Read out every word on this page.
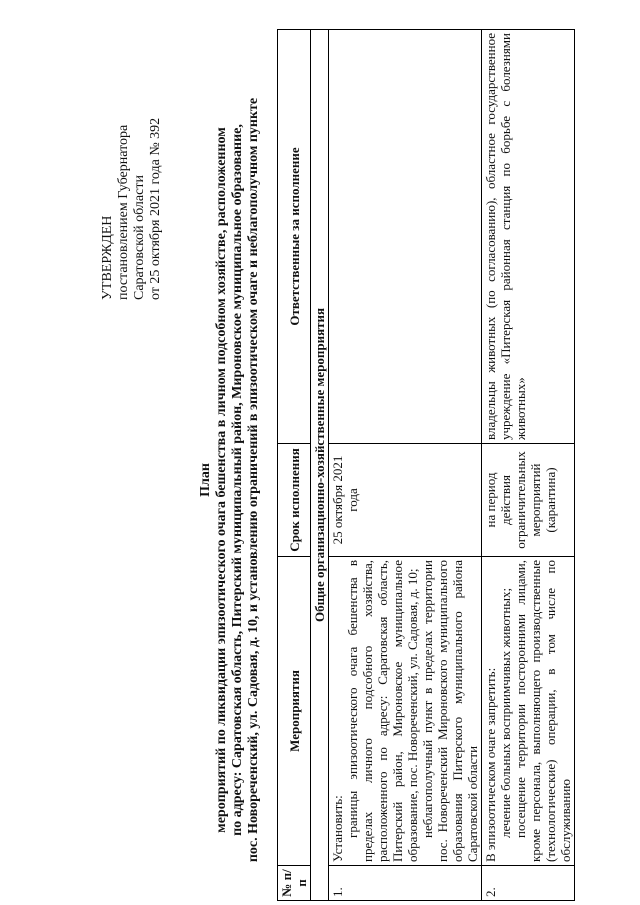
УТВЕРЖДЕН постановлением Губернатора Саратовской области от 25 октября 2021 года № 392
План мероприятий по ликвидации эпизоотического очага бешенства в личном подсобном хозяйстве, расположенном по адресу: Саратовская область, Питерский муниципальный район, Мироновское муниципальное образование, пос. Новореченский, ул. Садовая, д. 10, и установлению ограничений в эпизоотическом очаге и неблагополучном пункте
№ п/п	Мероприятия	Срок исполнения	Ответственные за исполнение
Общие организационно-хозяйственные мероприятия			
1.	Установить: границы эпизоотического очага бешенства в пределах личного подсобного хозяйства, расположенного по адресу: Саратовская область, Питерский район, Мироновское муниципальное образование, пос. Новореченский, ул. Садовая, д. 10; неблагополучный пункт в пределах территории пос. Новореченский Мироновского муниципального образования Питерского муниципального района Саратовской области	25 октября 2021 года	
2.	В эпизоотическом очаге запретить: лечение больных восприимчивых животных; посещение территории посторонними лицами, кроме персонала, выполняющего производственные (технологические) операции, в том числе по обслуживанию	на период действия ограничительных мероприятий (карантина)	владельцы животных (по согласованию), областное государственное учреждение «Питерская районная станция по борьбе с болезнями животных»
